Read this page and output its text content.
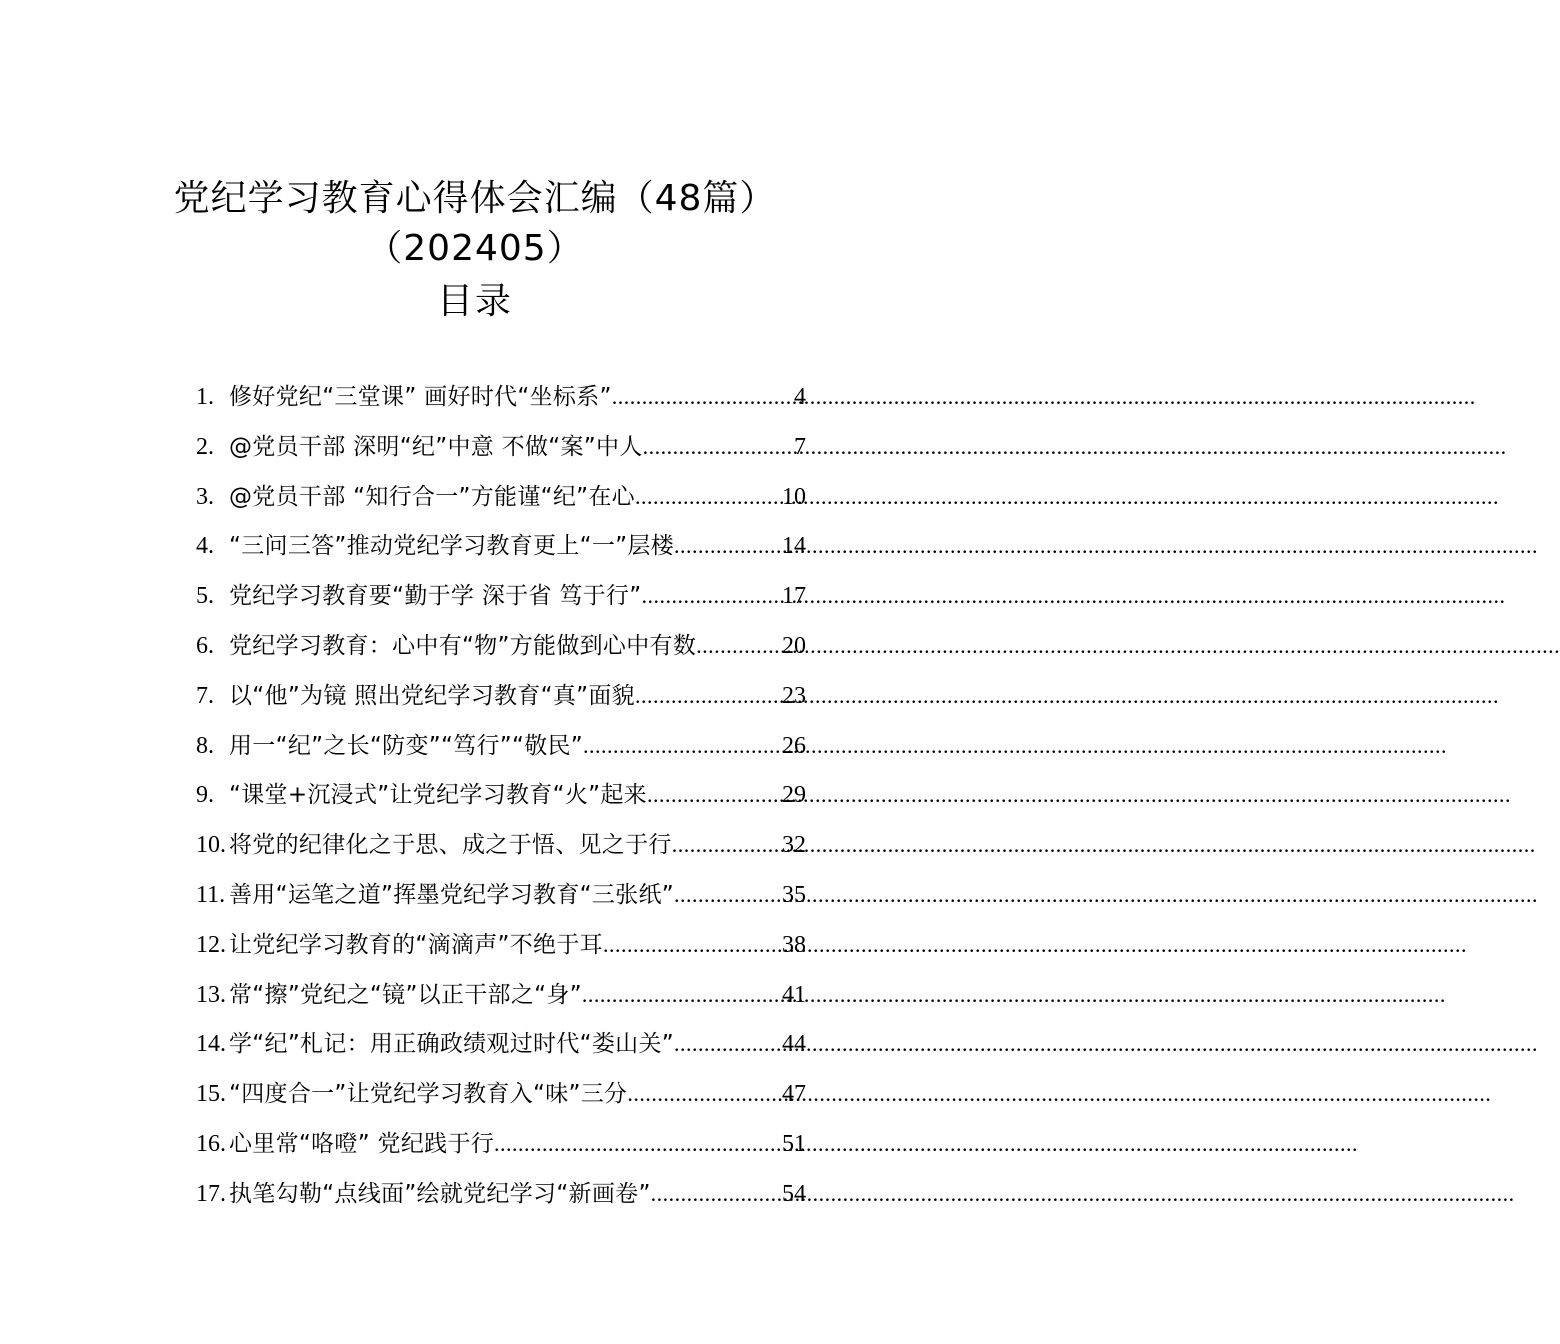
党纪学习教育心得体会汇编（48篇）（202405）
目录
1. 修好党纪“三堂课” 画好时代“坐标系” .....	4
2. @党员干部 深明“纪”中意 不做“案”中人 .....	7
3. @党员干部 “知行合一”方能谨“纪”在心 .....	10
4. “三问三答”推动党纪学习教育更上“一”层楼 .....	14
5. 党纪学习教育要“勤于学 深于省 笃于行” .....	17
6. 党纪学习教育：心中有“物”方能做到心中有数 .....	20
7. 以“他”为镜 照出党纪学习教育“真”面貌 .....	23
8. 用一“纪”之长“防变”“笃行”“敬民” .....	26
9. “课堂+沉浸式”让党纪学习教育“火”起来 .....	29
10. 将党的纪律化之于思、成之于悟、见之于行 .....	32
11. 善用“运笔之道”挥墨党纪学习教育“三张纸” .....	35
12. 让党纪学习教育的“滴滴声”不绝于耳 .....	38
13. 常“擦”党纪之“镜”以正干部之“身” .....	41
14. 学“纪”札记：用正确政绩观过时代“娄山关” .....	44
15. “四度合一”让党纪学习教育入“味”三分 .....	47
16. 心里常“咯噔” 党纪践于行 .....	51
17. 执笔勾勒“点线面”绘就党纪学习“新画卷” .....	54
